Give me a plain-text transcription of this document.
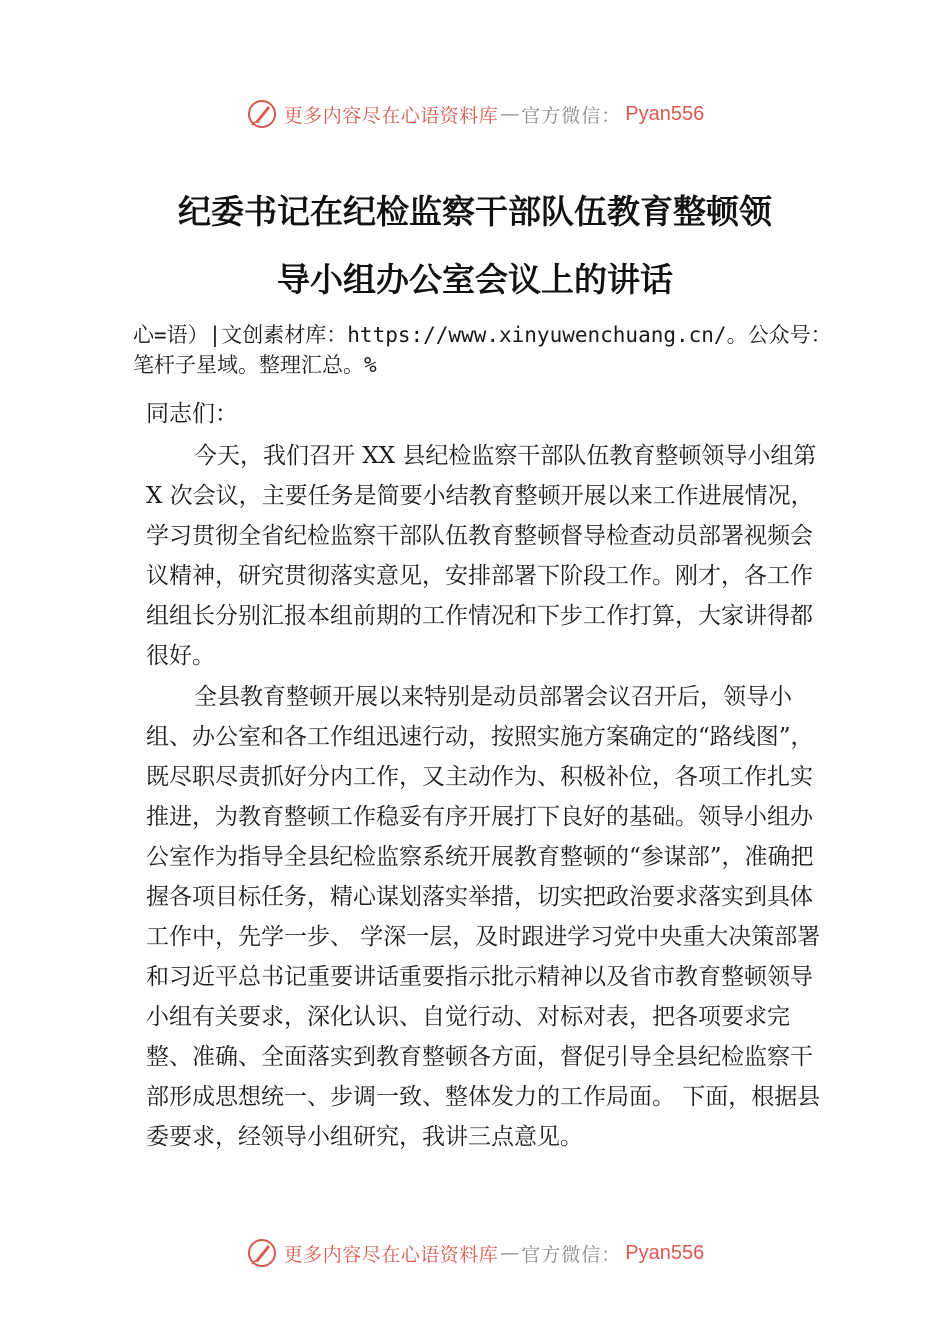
更多内容尽在心语资料库 — 官方微信： Pyan556
纪委书记在纪检监察干部队伍教育整顿领
导小组办公室会议上的讲话
心=语）|文创素材库：https://www.xinyuwenchuang.cn/。公众号：笔杆子星域。整理汇总。%
同志们：
今天，我们召开 XX 县纪检监察干部队伍教育整顿领导小组第 X 次会议，主要任务是简要小结教育整顿开展以来工作进展情况，学习贯彻全省纪检监察干部队伍教育整顿督导检查动员部署视频会议精神，研究贯彻落实意见，安排部署下阶段工作。刚才，各工作组组长分别汇报本组前期的工作情况和下步工作打算，大家讲得都很好。
全县教育整顿开展以来特别是动员部署会议召开后，领导小组、办公室和各工作组迅速行动，按照实施方案确定的“路线图”，既尽职尽责抓好分内工作，又主动作为、积极补位，各项工作扎实推进，为教育整顿工作稳妥有序开展打下良好的基础。领导小组办公室作为指导全县纪检监察系统开展教育整顿的“参谋部”，准确把握各项目标任务，精心谋划落实举措，切实把政治要求落实到具体工作中，先学一步、 学深一层，及时跟进学习党中央重大决策部署和习近平总书记重要讲话重要指示批示精神以及省市教育整顿领导小组有关要求，深化认识、自觉行动、对标对表，把各项要求完整、准确、全面落实到教育整顿各方面，督促引导全县纪检监察干部形成思想统一、步调一致、整体发力的工作局面。 下面，根据县委要求，经领导小组研究，我讲三点意见。
更多内容尽在心语资料库 — 官方微信： Pyan556
